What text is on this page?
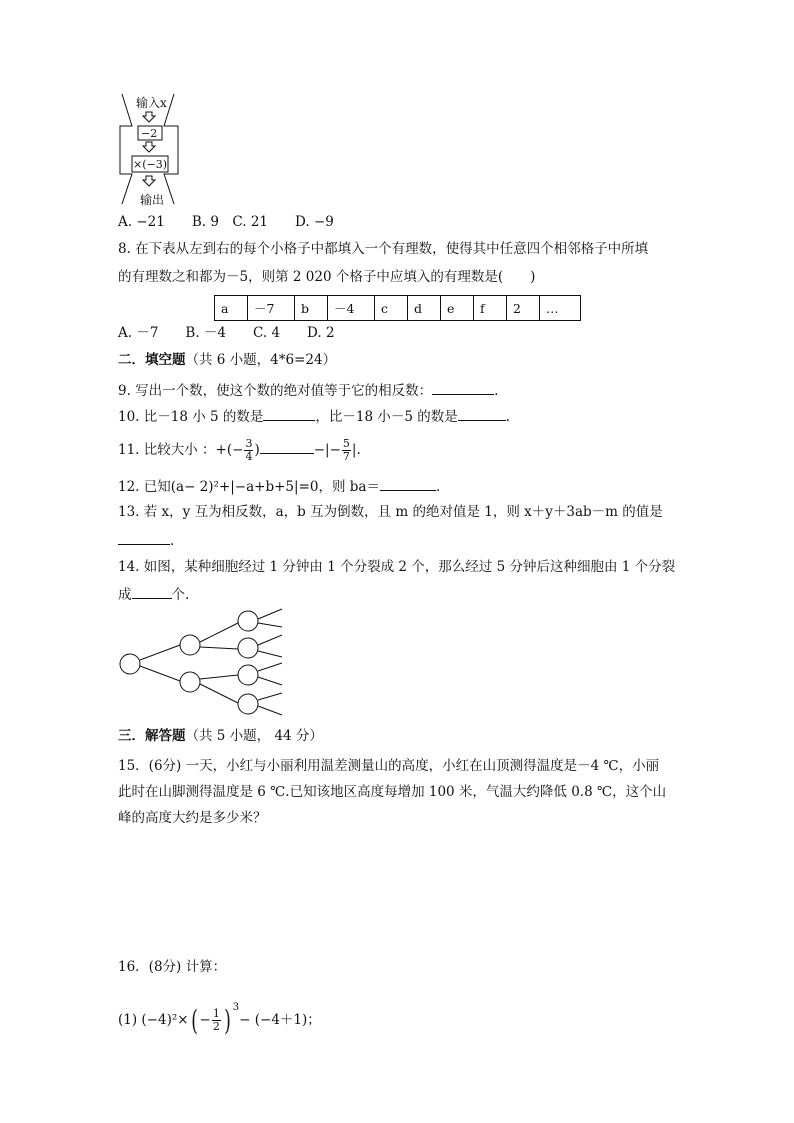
输入x
−2
×(−3)
输出
A. −21　　B. 9　C. 21　　D. −9
8. 在下表从左到右的每个小格子中都填入一个有理数，使得其中任意四个相邻格子中所填
的有理数之和都为－5，则第 2 020 个格子中应填入的有理数是(　　)
a	－7	b	－4	c	d	e	f	2	…
A. －7　　B. －4　　C. 4　　D. 2
二．填空题（共 6 小题，4*6=24）
9. 写出一个数，使这个数的绝对值等于它的相反数：	.
10. 比－18 小 5 的数是	，比－18 小－5 的数是	.
11. 比较大小 ：+(− $\frac{3}{4}$ )	−|− $\frac{5}{7}$ |.
12. 已知(a− 2)²+|−a+b+5|=0，则 ba＝	.
13. 若 x，y 互为相反数，a，b 互为倒数，且 m 的绝对值是 1，则 x＋y＋3ab－m 的值是
.
14. 如图，某种细胞经过 1 分钟由 1 个分裂成 2 个，那么经过 5 分钟后这种细胞由 1 个分裂
成	个.
三．解答题（共 5 小题， 44 分）
15．(6分) 一天，小红与小丽利用温差测量山的高度，小红在山顶测得温度是－4 ℃，小丽
此时在山脚测得温度是 6 ℃.已知该地区高度每增加 100 米，气温大约降低 0.8 ℃，这个山
峰的高度大约是多少米？
16．(8分) 计算：
(1) $(-4)^2\times( - \frac{1}{2}$ ) $^3$− (−4＋1)；
